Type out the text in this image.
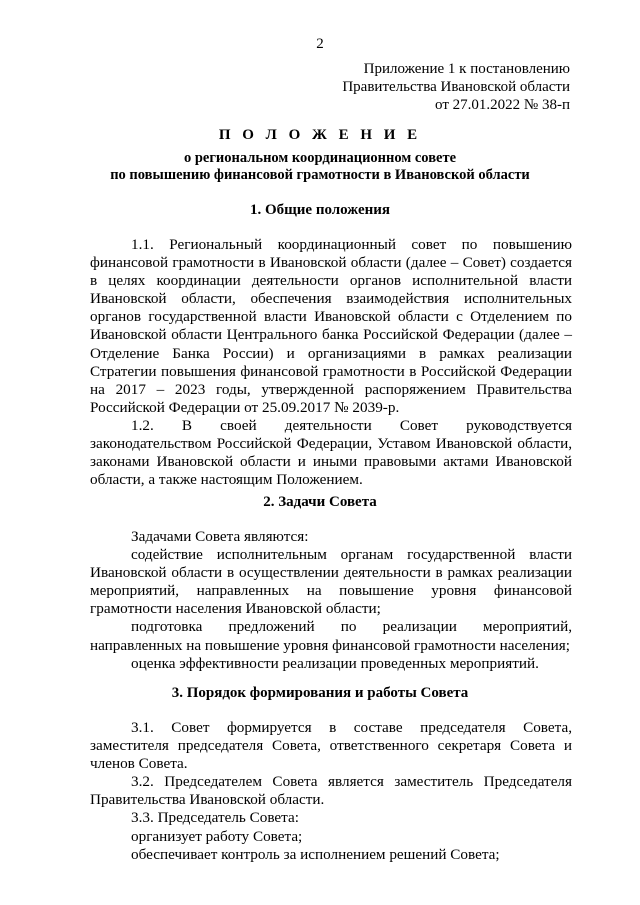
2
Приложение 1 к постановлению
Правительства Ивановской области
от 27.01.2022 № 38-п
П О Л О Ж Е Н И Е
о региональном координационном совете
по повышению финансовой грамотности в Ивановской области
1. Общие положения

1.1. Региональный координационный совет по повышению финансовой грамотности в Ивановской области (далее – Совет) создается в целях координации деятельности органов исполнительной власти Ивановской области, обеспечения взаимодействия исполнительных органов государственной власти Ивановской области с Отделением по Ивановской области Центрального банка Российской Федерации (далее – Отделение Банка России) и организациями в рамках реализации Стратегии повышения финансовой грамотности в Российской Федерации на 2017 – 2023 годы, утвержденной распоряжением Правительства Российской Федерации от 25.09.2017 № 2039-р.

1.2. В своей деятельности Совет руководствуется законодательством Российской Федерации, Уставом Ивановской области, законами Ивановской области и иными правовыми актами Ивановской области, а также настоящим Положением.

2. Задачи Совета

Задачами Совета являются:

содействие исполнительным органам государственной власти Ивановской области в осуществлении деятельности в рамках реализации мероприятий, направленных на повышение уровня финансовой грамотности населения Ивановской области;

подготовка предложений по реализации мероприятий, направленных на повышение уровня финансовой грамотности населения;

оценка эффективности реализации проведенных мероприятий.

3. Порядок формирования и работы Совета

3.1. Совет формируется в составе председателя Совета, заместителя председателя Совета, ответственного секретаря Совета и членов Совета.

3.2. Председателем Совета является заместитель Председателя Правительства Ивановской области.

3.3. Председатель Совета:

организует работу Совета;

обеспечивает контроль за исполнением решений Совета;
